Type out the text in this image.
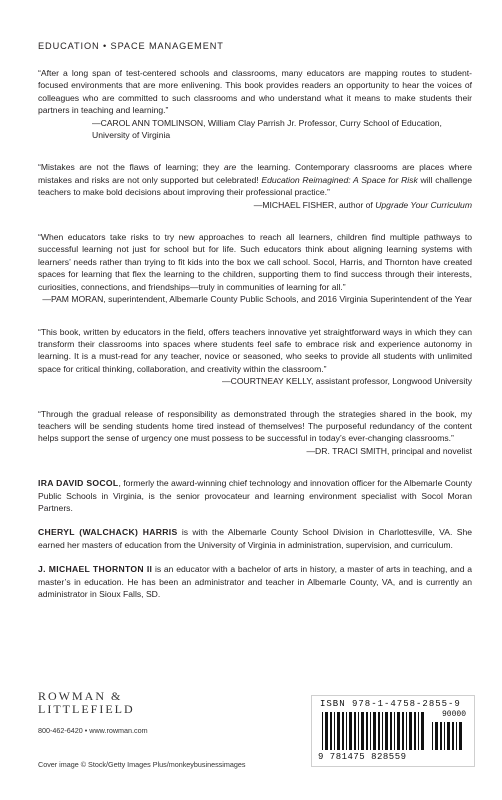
EDUCATION • SPACE MANAGEMENT

“After a long span of test-centered schools and classrooms, many educators are mapping routes to student-focused environments that are more enlivening. This book provides readers an opportunity to hear the voices of colleagues who are committed to such classrooms and who understand what it means to make students their partners in teaching and learning.”

—CAROL ANN TOMLINSON, William Clay Parrish Jr. Professor, Curry School of Education, University of Virginia

“Mistakes are not the flaws of learning; they are the learning. Contemporary classrooms are places where mistakes and risks are not only supported but celebrated! Education Reimagined: A Space for Risk will challenge teachers to make bold decisions about improving their professional practice.”

—MICHAEL FISHER, author of Upgrade Your Curriculum

“When educators take risks to try new approaches to reach all learners, children find multiple pathways to successful learning not just for school but for life. Such educators think about aligning learning systems with learners’ needs rather than trying to fit kids into the box we call school. Socol, Harris, and Thornton have created spaces for learning that flex the learning to the children, supporting them to find success through their interests, curiosities, connections, and friendships—truly in communities of learning for all.”

—PAM MORAN, superintendent, Albemarle County Public Schools, and 2016 Virginia Superintendent of the Year

“This book, written by educators in the field, offers teachers innovative yet straightforward ways in which they can transform their classrooms into spaces where students feel safe to embrace risk and experience autonomy in learning. It is a must-read for any teacher, novice or seasoned, who seeks to provide all students with unlimited space for critical thinking, collaboration, and creativity within the classroom.”

—COURTNEAY KELLY, assistant professor, Longwood University

“Through the gradual release of responsibility as demonstrated through the strategies shared in the book, my teachers will be sending students home tired instead of themselves! The purposeful redundancy of the content helps support the sense of urgency one must possess to be successful in today’s ever-changing classrooms.”

—DR. TRACI SMITH, principal and novelist

IRA DAVID SOCOL, formerly the award-winning chief technology and innovation officer for the Albemarle County Public Schools in Virginia, is the senior provocateur and learning environment specialist with Socol Moran Partners.

CHERYL (WALCHACK) HARRIS is with the Albemarle County School Division in Charlottesville, VA. She earned her masters of education from the University of Virginia in administration, supervision, and curriculum.

J. MICHAEL THORNTON II is an educator with a bachelor of arts in history, a master of arts in teaching, and a master’s in education. He has been an administrator and teacher in Albemarle County, VA, and is currently an administrator in Sioux Falls, SD.

ROWMAN &
LITTLEFIELD
800-462-6420 • www.rowman.com
Cover image © Stock/Getty Images Plus/monkeybusinessimages
ISBN 978-1-4758-2855-9
90000
9 781475 828559
